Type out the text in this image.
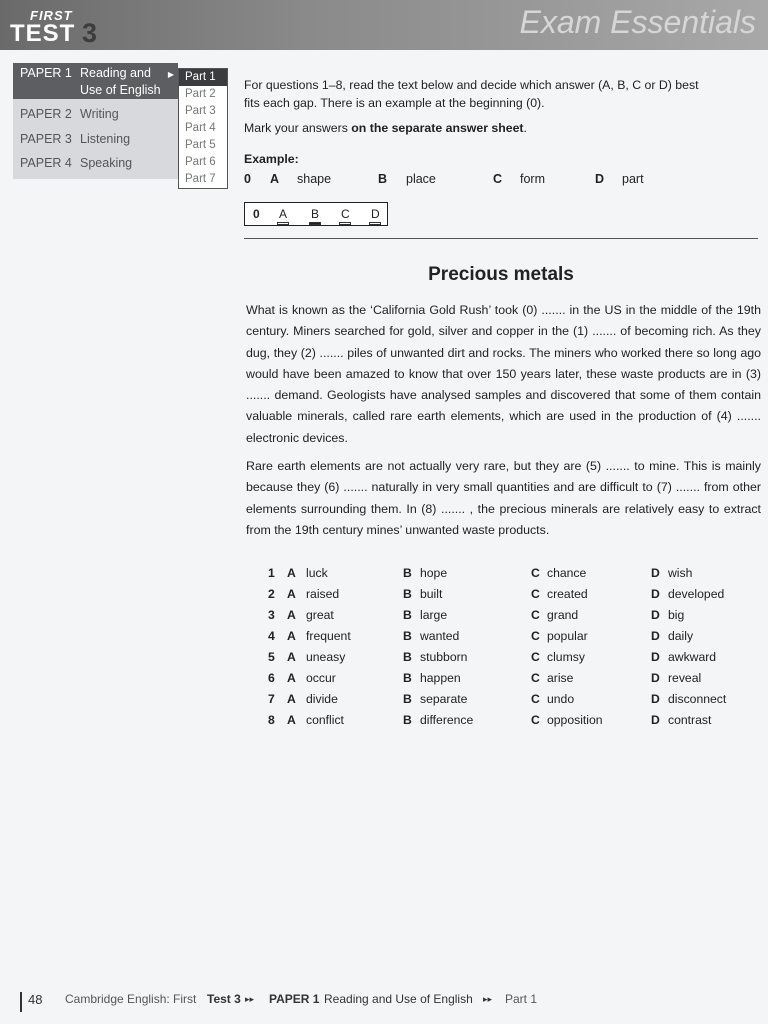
FIRST
TEST 3	Exam Essentials
PAPER 1 Reading and Use of English
▶
PAPER 2 Writing
PAPER 3 Listening
PAPER 4 Speaking
Part 1
Part 2
Part 3
Part 4
Part 5
Part 6
Part 7
For questions 1–8, read the text below and decide which answer (A, B, C or D) best
fits each gap. There is an example at the beginning (0).
Mark your answers on the separate answer sheet.
Example:
0 A shape	B place	C form	D part
0 A B C D
Precious metals
What is known as the ‘California Gold Rush’ took (0) ....... in the US in the middle of the 19th century. Miners searched for gold, silver and copper in the (1) ....... of becoming rich. As they dug, they (2) ....... piles of unwanted dirt and rocks. The miners who worked there so long ago would have been amazed to know that over 150 years later, these waste products are in (3) ....... demand. Geologists have analysed samples and discovered that some of them contain valuable minerals, called rare earth elements, which are used in the production of (4) ....... electronic devices.
Rare earth elements are not actually very rare, but they are (5) ....... to mine. This is mainly because they (6) ....... naturally in very small quantities and are difficult to (7) ....... from other elements surrounding them. In (8) ....... , the precious minerals are relatively easy to extract from the 19th century mines’ unwanted waste products.
1 A luck	B hope	C chance	D wish
2 A raised	B built	C created	D developed
3 A great	B large	C grand	D big
4 A frequent	B wanted	C popular	D daily
5 A uneasy	B stubborn	C clumsy	D awkward
6 A occur	B happen	C arise	D reveal
7 A divide	B separate	C undo	D disconnect
8 A conflict	B difference	C opposition	D contrast
48 Cambridge English: First Test 3 ▸▸ PAPER 1 Reading and Use of English ▸▸ Part 1
